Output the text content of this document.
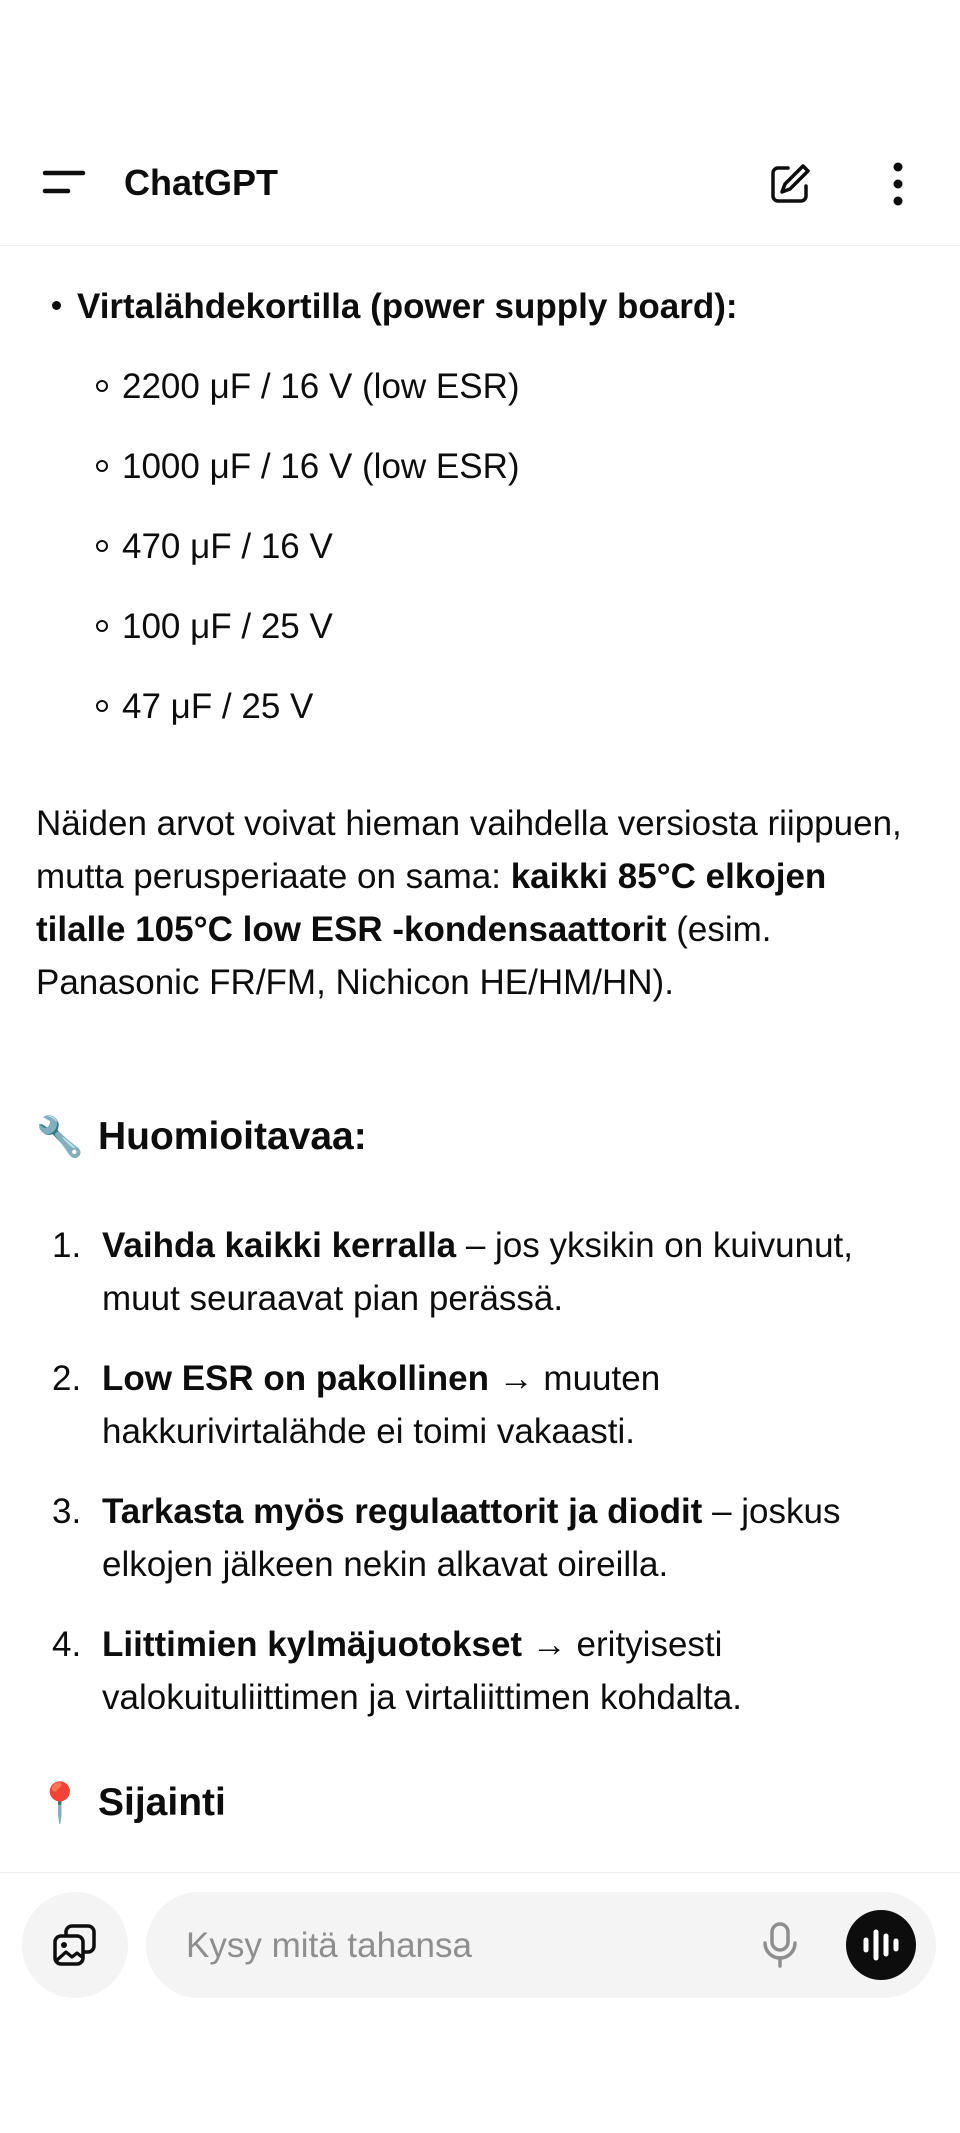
ChatGPT
Virtalähdekortilla (power supply board):
2200 μF / 16 V (low ESR)
1000 μF / 16 V (low ESR)
470 μF / 16 V
100 μF / 25 V
47 μF / 25 V
Näiden arvot voivat hieman vaihdella versiosta riippuen, mutta perusperiaate on sama: kaikki 85°C elkojen tilalle 105°C low ESR -kondensaattorit (esim. Panasonic FR/FM, Nichicon HE/HM/HN).
🔧 Huomioitavaa:
1. Vaihda kaikki kerralla – jos yksikin on kuivunut, muut seuraavat pian perässä.
2. Low ESR on pakollinen → muuten hakkurivirtalähde ei toimi vakaasti.
3. Tarkasta myös regulaattorit ja diodit – joskus elkojen jälkeen nekin alkavat oireilla.
4. Liittimien kylmäjuotokset → erityisesti valokuituliittimen ja virtaliittimen kohdalta.
📍 Sijainti
Kysy mitä tahansa
